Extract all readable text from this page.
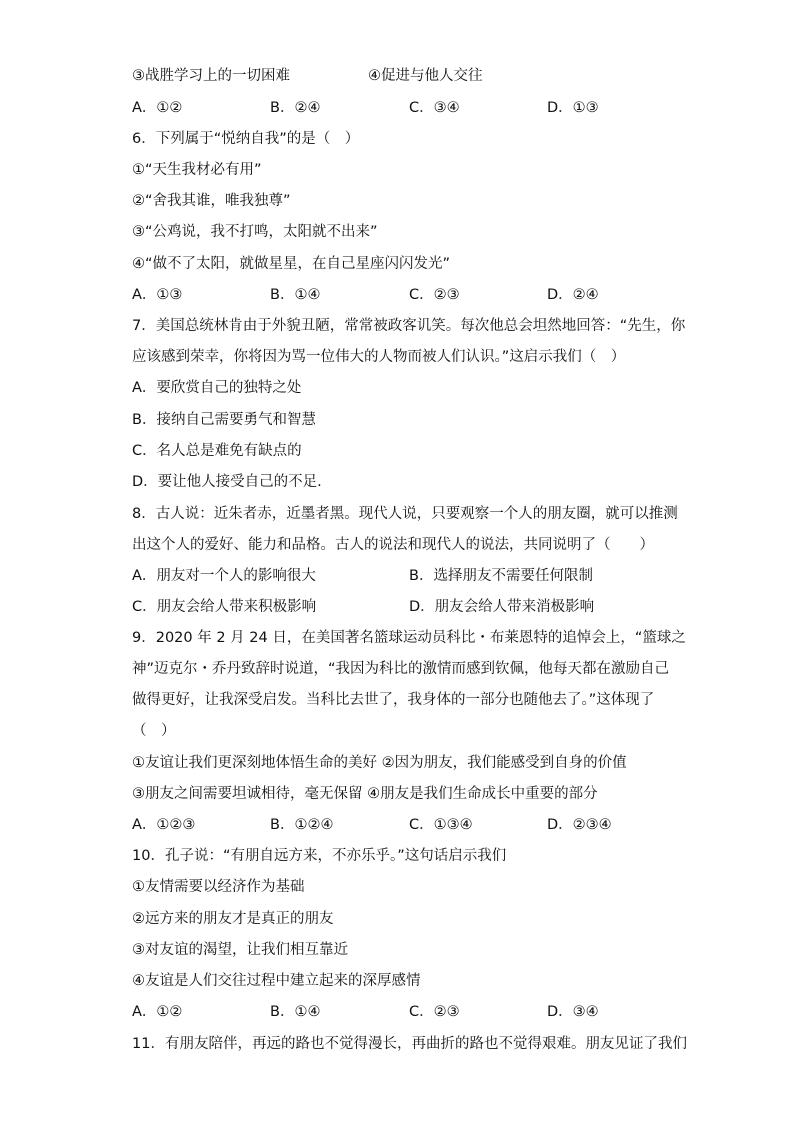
③战胜学习上的一切困难	④促进与他人交往
A．①②	B．②④	C．③④	D．①③
6．下列属于“悦纳自我”的是（　）
①“天生我材必有用”
②“舍我其谁，唯我独尊”
③“公鸡说，我不打鸣，太阳就不出来”
④“做不了太阳，就做星星，在自己星座闪闪发光”
A．①③	B．①④	C．②③	D．②④
7．美国总统林肯由于外貌丑陋，常常被政客讥笑。每次他总会坦然地回答：“先生，你
应该感到荣幸，你将因为骂一位伟大的人物而被人们认识。”这启示我们（　）
A．要欣赏自己的独特之处
B．接纳自己需要勇气和智慧
C．名人总是难免有缺点的
D．要让他人接受自己的不足.
8．古人说：近朱者赤，近墨者黑。现代人说，只要观察一个人的朋友圈，就可以推测
出这个人的爱好、能力和品格。古人的说法和现代人的说法，共同说明了（　　）
A．朋友对一个人的影响很大	B．选择朋友不需要任何限制
C．朋友会给人带来积极影响	D．朋友会给人带来消极影响
9．2020 年 2 月 24 日，在美国著名篮球运动员科比・布莱恩特的追悼会上，“篮球之
神”迈克尔・乔丹致辞时说道，“我因为科比的激情而感到钦佩，他每天都在激励自己
做得更好，让我深受启发。当科比去世了，我身体的一部分也随他去了。”这体现了
（　）
①友谊让我们更深刻地体悟生命的美好 ②因为朋友，我们能感受到自身的价值
③朋友之间需要坦诚相待，毫无保留 ④朋友是我们生命成长中重要的部分
A．①②③	B．①②④	C．①③④	D．②③④
10．孔子说：“有朋自远方来，不亦乐乎。”这句话启示我们
①友情需要以经济作为基础
②远方来的朋友才是真正的朋友
③对友谊的渴望，让我们相互靠近
④友谊是人们交往过程中建立起来的深厚感情
A．①②	B．①④	C．②③	D．③④
11．有朋友陪伴，再远的路也不觉得漫长，再曲折的路也不觉得艰难。朋友见证了我们
